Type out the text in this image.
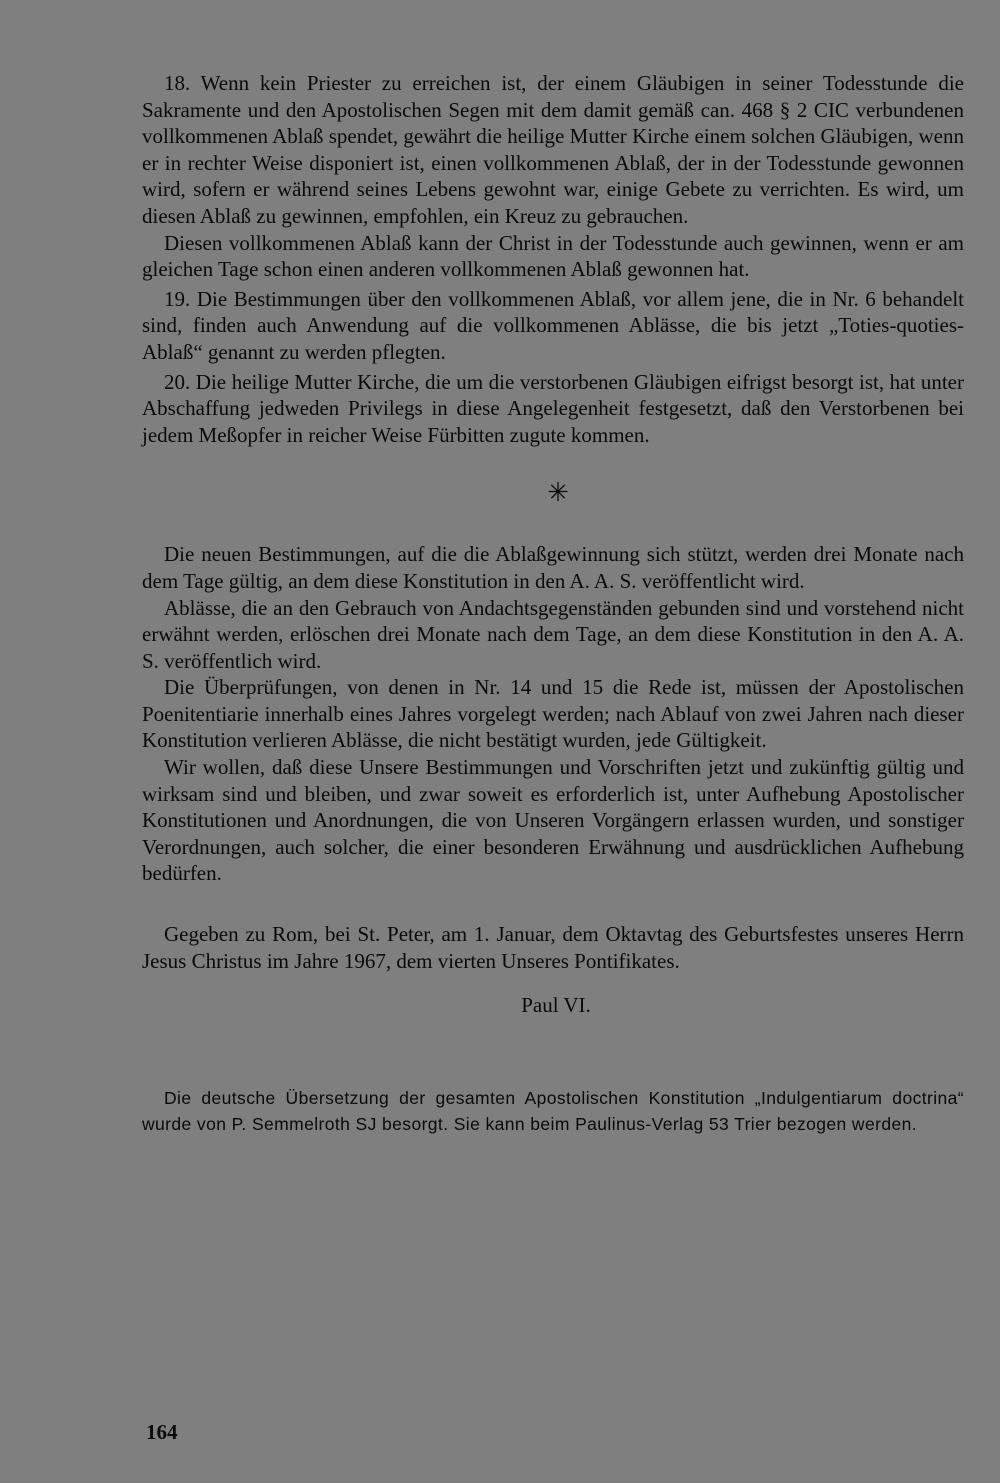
18. Wenn kein Priester zu erreichen ist, der einem Gläubigen in seiner Todesstunde die Sakramente und den Apostolischen Segen mit dem damit gemäß can. 468 § 2 CIC verbundenen vollkommenen Ablaß spendet, gewährt die heilige Mutter Kirche einem solchen Gläubigen, wenn er in rechter Weise disponiert ist, einen vollkommenen Ablaß, der in der Todesstunde gewonnen wird, sofern er während seines Lebens gewohnt war, einige Gebete zu verrichten. Es wird, um diesen Ablaß zu gewinnen, empfohlen, ein Kreuz zu gebrauchen.

Diesen vollkommenen Ablaß kann der Christ in der Todesstunde auch gewinnen, wenn er am gleichen Tage schon einen anderen vollkommenen Ablaß gewonnen hat.

19. Die Bestimmungen über den vollkommenen Ablaß, vor allem jene, die in Nr. 6 behandelt sind, finden auch Anwendung auf die vollkommenen Ablässe, die bis jetzt „Toties-quoties-Ablaß“ genannt zu werden pflegten.

20. Die heilige Mutter Kirche, die um die verstorbenen Gläubigen eifrigst besorgt ist, hat unter Abschaffung jedweden Privilegs in diese Angelegenheit festgesetzt, daß den Verstorbenen bei jedem Meßopfer in reicher Weise Fürbitten zugute kommen.

✳

Die neuen Bestimmungen, auf die die Ablaßgewinnung sich stützt, werden drei Monate nach dem Tage gültig, an dem diese Konstitution in den A. A. S. veröffentlicht wird.

Ablässe, die an den Gebrauch von Andachtsgegenständen gebunden sind und vorstehend nicht erwähnt werden, erlöschen drei Monate nach dem Tage, an dem diese Konstitution in den A. A. S. veröffentlich wird.

Die Überprüfungen, von denen in Nr. 14 und 15 die Rede ist, müssen der Apostolischen Poenitentiarie innerhalb eines Jahres vorgelegt werden; nach Ablauf von zwei Jahren nach dieser Konstitution verlieren Ablässe, die nicht bestätigt wurden, jede Gültigkeit.

Wir wollen, daß diese Unsere Bestimmungen und Vorschriften jetzt und zukünftig gültig und wirksam sind und bleiben, und zwar soweit es erforderlich ist, unter Aufhebung Apostolischer Konstitutionen und Anordnungen, die von Unseren Vorgängern erlassen wurden, und sonstiger Verordnungen, auch solcher, die einer besonderen Erwähnung und ausdrücklichen Aufhebung bedürfen.

Gegeben zu Rom, bei St. Peter, am 1. Januar, dem Oktavtag des Geburtsfestes unseres Herrn Jesus Christus im Jahre 1967, dem vierten Unseres Pontifikates.

Paul VI.

Die deutsche Übersetzung der gesamten Apostolischen Konstitution „Indulgentiarum doctrina“ wurde von P. Semmelroth SJ besorgt. Sie kann beim Paulinus-Verlag 53 Trier bezogen werden.

164
